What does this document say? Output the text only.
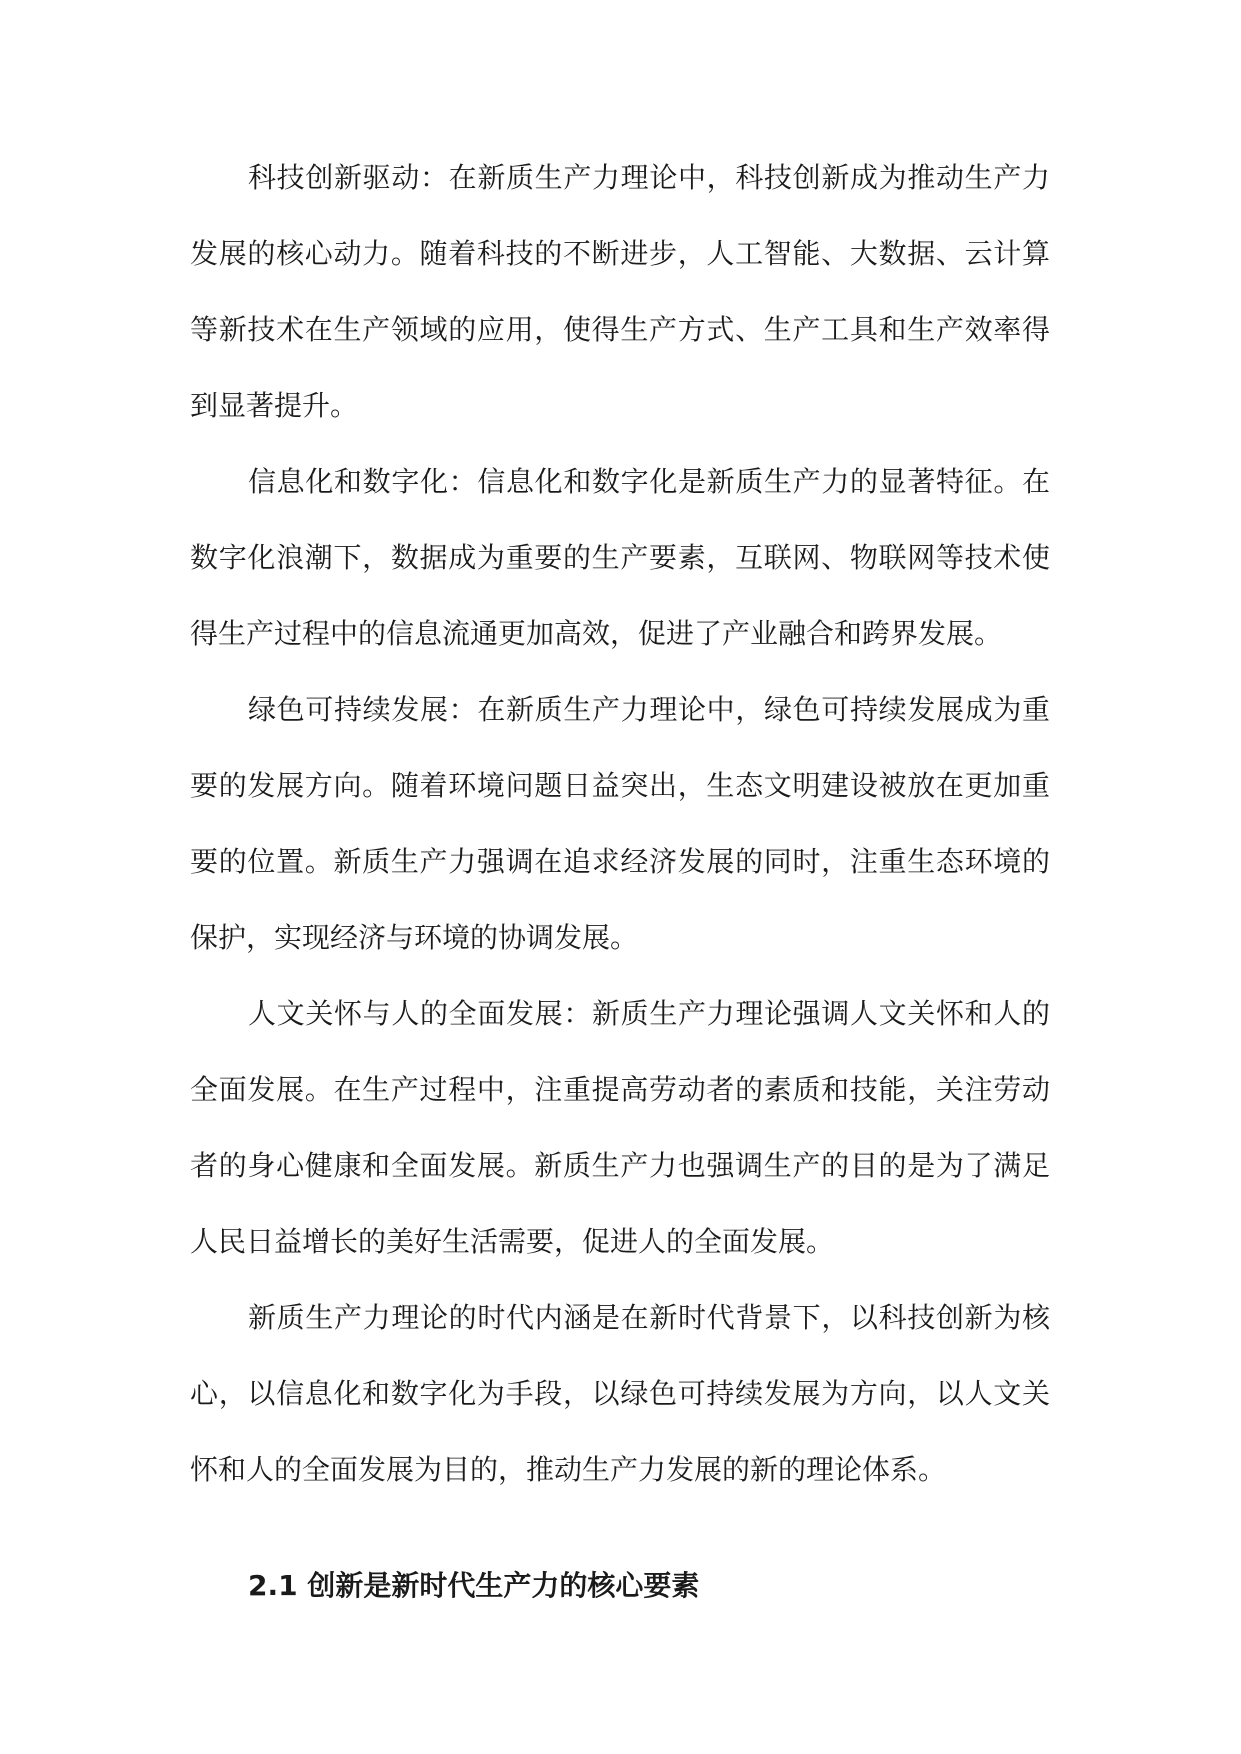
科技创新驱动：在新质生产力理论中，科技创新成为推动生产力发展的核心动力。随着科技的不断进步，人工智能、大数据、云计算等新技术在生产领域的应用，使得生产方式、生产工具和生产效率得到显著提升。

信息化和数字化：信息化和数字化是新质生产力的显著特征。在数字化浪潮下，数据成为重要的生产要素，互联网、物联网等技术使得生产过程中的信息流通更加高效，促进了产业融合和跨界发展。

绿色可持续发展：在新质生产力理论中，绿色可持续发展成为重要的发展方向。随着环境问题日益突出，生态文明建设被放在更加重要的位置。新质生产力强调在追求经济发展的同时，注重生态环境的保护，实现经济与环境的协调发展。

人文关怀与人的全面发展：新质生产力理论强调人文关怀和人的全面发展。在生产过程中，注重提高劳动者的素质和技能，关注劳动者的身心健康和全面发展。新质生产力也强调生产的目的是为了满足人民日益增长的美好生活需要，促进人的全面发展。

新质生产力理论的时代内涵是在新时代背景下，以科技创新为核心，以信息化和数字化为手段，以绿色可持续发展为方向，以人文关怀和人的全面发展为目的，推动生产力发展的新的理论体系。

2.1 创新是新时代生产力的核心要素
